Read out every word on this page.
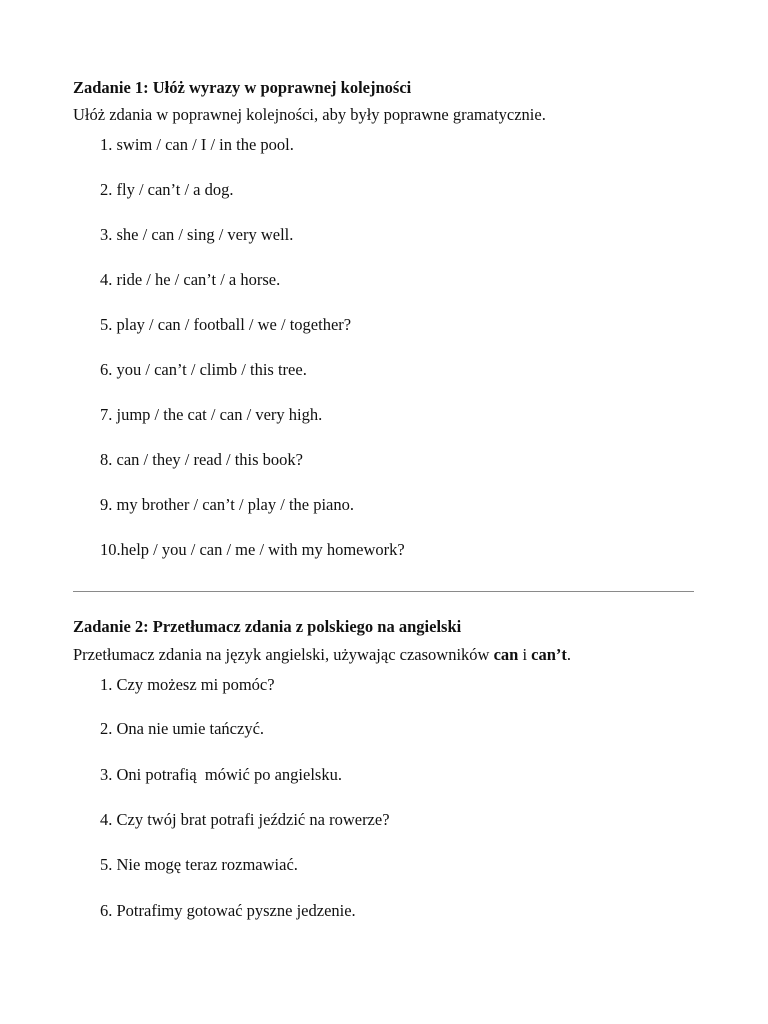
Zadanie 1: Ułóż wyrazy w poprawnej kolejności
Ułóż zdania w poprawnej kolejności, aby były poprawne gramatycznie.
1. swim / can / I / in the pool.
2. fly / can’t / a dog.
3. she / can / sing / very well.
4. ride / he / can’t / a horse.
5. play / can / football / we / together?
6. you / can’t / climb / this tree.
7. jump / the cat / can / very high.
8. can / they / read / this book?
9. my brother / can’t / play / the piano.
10.help / you / can / me / with my homework?
Zadanie 2: Przetłumacz zdania z polskiego na angielski
Przetłumacz zdania na język angielski, używając czasowników can i can’t.
1. Czy możesz mi pomóc?
2. Ona nie umie tańczyć.
3. Oni potrafią  mówić po angielsku.
4. Czy twój brat potrafi jeździć na rowerze?
5. Nie mogę teraz rozmawiać.
6. Potrafimy gotować pyszne jedzenie.
